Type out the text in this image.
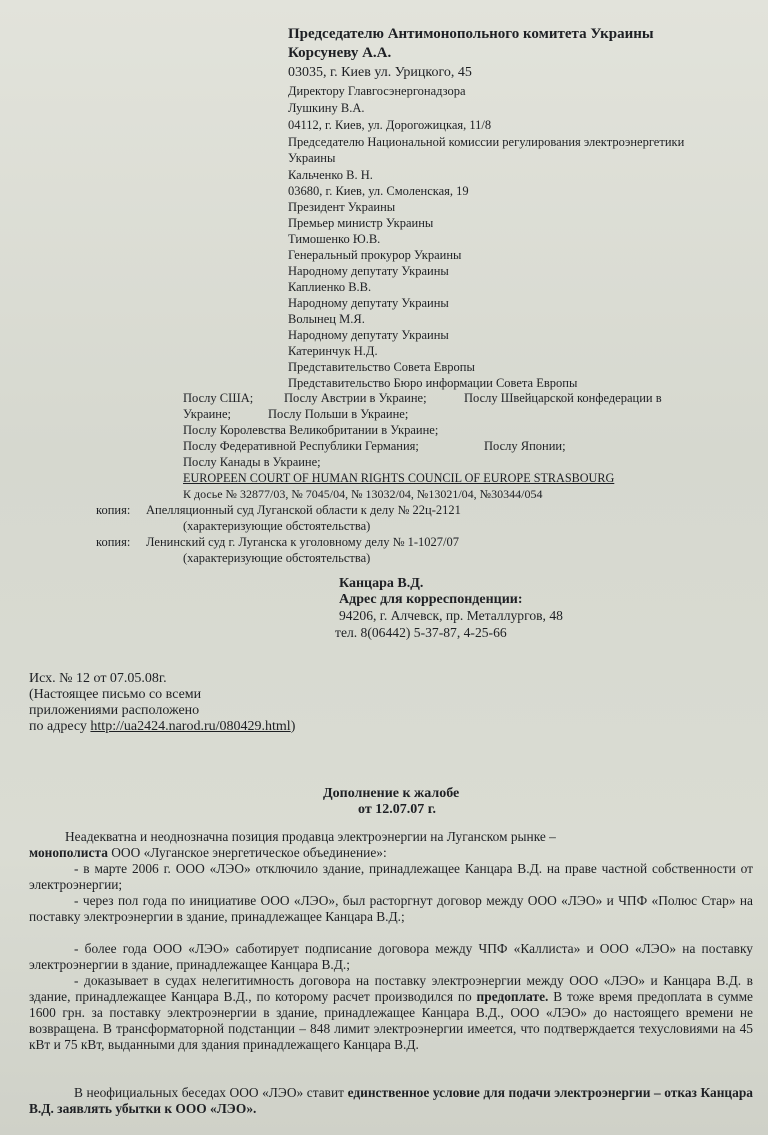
Председателю Антимонопольного комитета Украины
Корсуневу А.А.
03035, г. Киев ул. Урицкого, 45
Директору Главгосэнергонадзора
Лушкину В.А.
04112, г. Киев, ул. Дорогожицкая, 11/8
Председателю Национальной комиссии регулирования электроэнергетики
Украины
Кальченко В. Н.
03680, г. Киев, ул. Смоленская, 19
Президент Украины
Премьер министр Украины
Тимошенко Ю.В.
Генеральный прокурор Украины
Народному депутату Украины
Каплиенко В.В.
Народному депутату Украины
Волынец М.Я.
Народному депутату Украины
Катеринчук Н.Д.
Представительство Совета Европы
Представительство Бюро информации Совета Европы
Послу США; Послу Австрии в Украине;	Послу Швейцарской конфедерации в
Украине;	Послу Польши в Украине;
Послу Королевства Великобритании в Украине;
Послу Федеративной Республики Германия;	Послу Японии;
Послу Канады в Украине;
EUROPEEN COURT OF HUMAN RIGHTS COUNCIL OF EUROPE STRASBOURG
К досье № 32877/03, № 7045/04, № 13032/04, №13021/04, №30344/054
копия: Апелляционный суд Луганской области к делу № 22ц-2121
(характеризующие обстоятельства)
копия: Ленинский суд г. Луганска к уголовному делу № 1-1027/07
(характеризующие обстоятельства)
Канцара В.Д.
Адрес для корреспонденции:
94206, г. Алчевск, пр. Металлургов, 48
тел. 8(06442) 5-37-87, 4-25-66
Исх. № 12 от 07.05.08г.
(Настоящее письмо со всеми
приложениями расположено
по адресу http://ua2424.narod.ru/080429.html)
Дополнение к жалобе
от 12.07.07 г.
Неадекватна и неоднозначна позиция продавца электроэнергии на Луганском рынке –
монополиста ООО «Луганское энергетическое объединение»:
- в марте 2006 г. ООО «ЛЭО» отключило здание, принадлежащее Канцара В.Д. на праве частной собственности от электроэнергии;
- через пол года по инициативе ООО «ЛЭО», был расторгнут договор между ООО «ЛЭО» и ЧПФ «Полюс Стар» на поставку электроэнергии в здание, принадлежащее Канцара В.Д.;
- более года ООО «ЛЭО» саботирует подписание договора между ЧПФ «Каллиста» и ООО «ЛЭО» на поставку электроэнергии в здание, принадлежащее Канцара В.Д.;
- доказывает в судах нелегитимность договора на поставку электроэнергии между ООО «ЛЭО» и Канцара В.Д. в здание, принадлежащее Канцара В.Д., по которому расчет производился по предоплате. В тоже время предоплата в сумме 1600 грн. за поставку электроэнергии в здание, принадлежащее Канцара В.Д., ООО «ЛЭО» до настоящего времени не возвращена. В трансформаторной подстанции – 848 лимит электроэнергии имеется, что подтверждается техусловиями на 45 кВт и 75 кВт, выданными для здания принадлежащего Канцара В.Д.
В неофициальных беседах ООО «ЛЭО» ставит единственное условие для подачи электроэнергии – отказ Канцара В.Д. заявлять убытки к ООО «ЛЭО».
